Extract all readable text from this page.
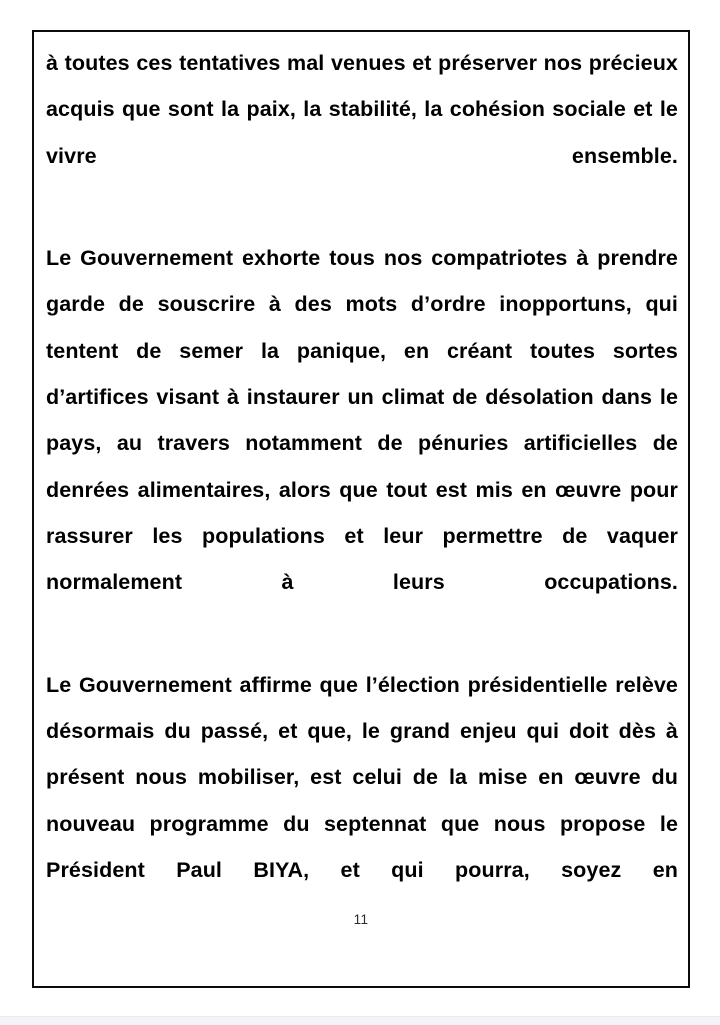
à toutes ces tentatives mal venues et préserver nos précieux acquis que sont la paix, la stabilité, la cohésion sociale et le vivre ensemble.

Le Gouvernement exhorte tous nos compatriotes à prendre garde de souscrire à des mots d’ordre inopportuns, qui tentent de semer la panique, en créant toutes sortes d’artifices visant à instaurer un climat de désolation dans le pays, au travers notamment de pénuries artificielles de denrées alimentaires, alors que tout est mis en œuvre pour rassurer les populations et leur permettre de vaquer normalement à leurs occupations.

Le Gouvernement affirme que l’élection présidentielle relève désormais du passé, et que, le grand enjeu qui doit dès à présent nous mobiliser, est celui de la mise en œuvre du nouveau programme du septennat que nous propose le Président Paul BIYA, et qui pourra, soyez en

11
